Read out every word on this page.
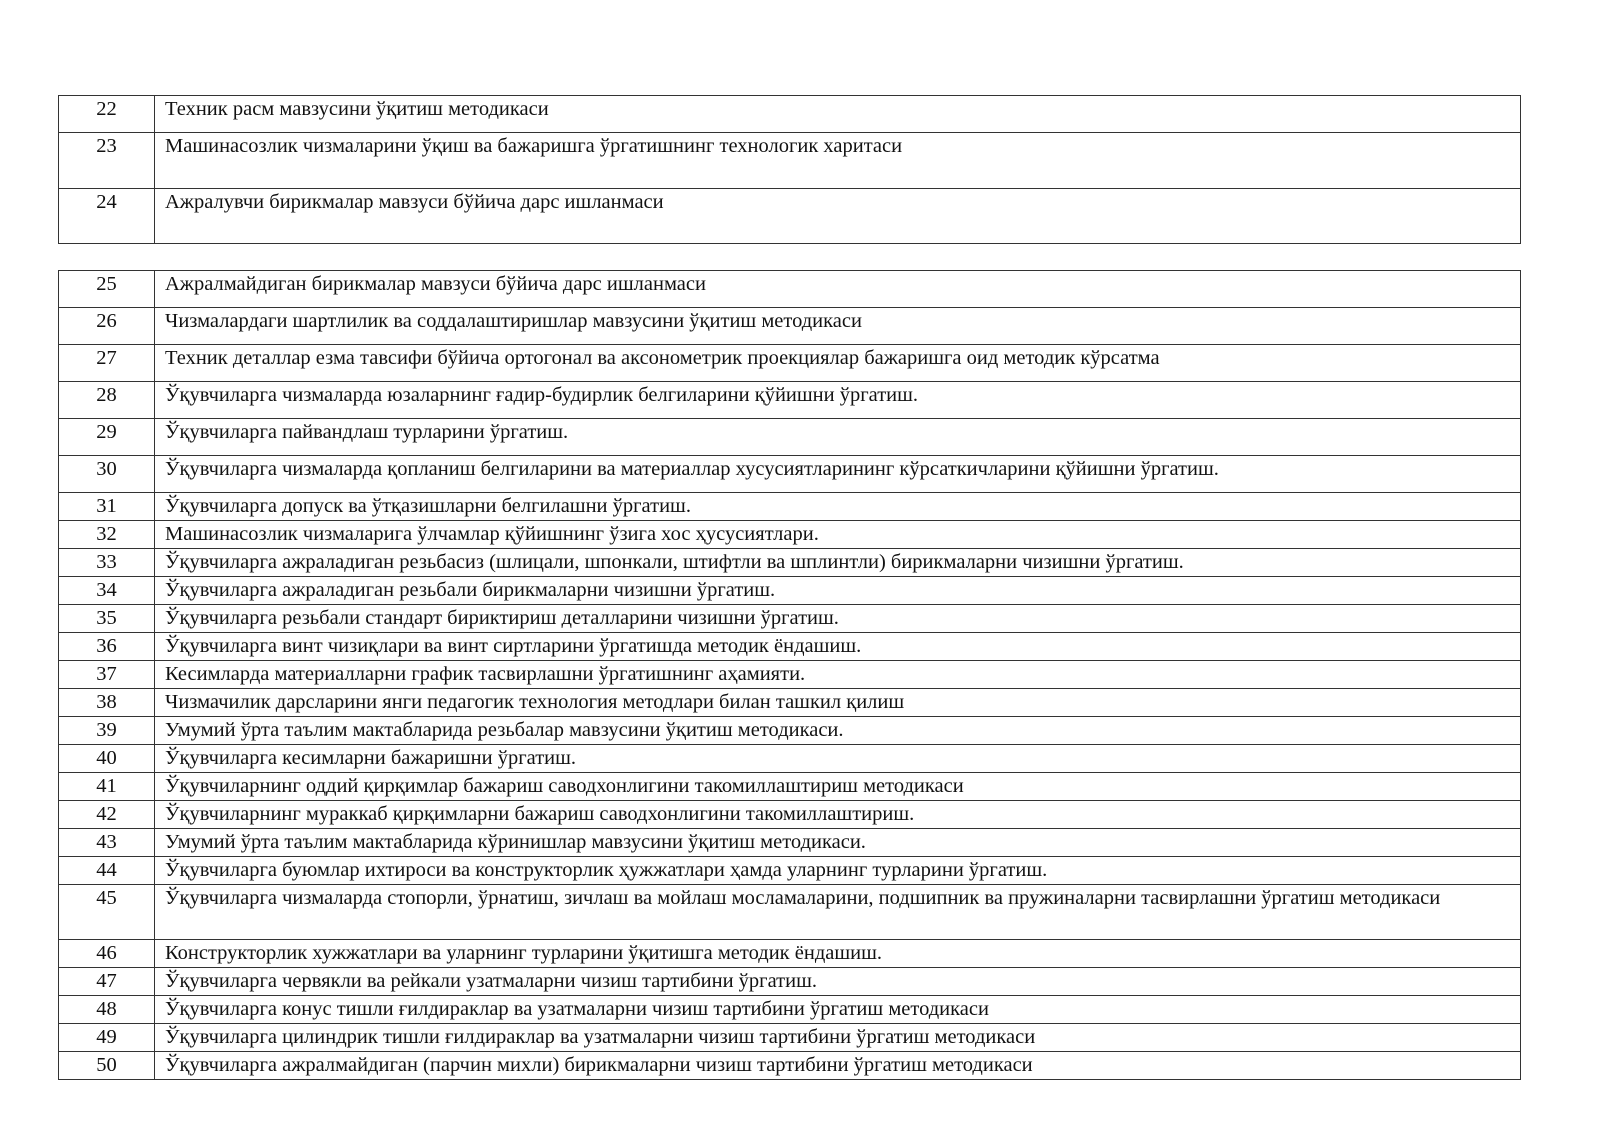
22	Техник расм мавзусини ўқитиш методикаси
23	Машинасозлик чизмаларини ўқиш ва бажаришга ўргатишнинг технологик харитаси
24	Ажралувчи бирикмалар мавзуси бўйича дарс ишланмаси
25	Ажралмайдиган бирикмалар мавзуси бўйича дарс ишланмаси
26	Чизмалардаги шартлилик ва соддалаштиришлар мавзусини ўқитиш методикаси
27	Техник деталлар езма тавсифи бўйича ортогонал ва аксонометрик проекциялар бажаришга оид методик кўрсатма
28	Ўқувчиларга чизмаларда юзаларнинг ғадир-будирлик белгиларини қўйишни ўргатиш.
29	Ўқувчиларга пайвандлаш турларини ўргатиш.
30	Ўқувчиларга чизмаларда қопланиш белгиларини ва материаллар хусусиятларининг кўрсаткичларини қўйишни ўргатиш.
31	Ўқувчиларга допуск ва ўтқазишларни белгилашни ўргатиш.
32	Машинасозлик чизмаларига ўлчамлар қўйишнинг ўзига хос ҳусусиятлари.
33	Ўқувчиларга ажраладиган резьбасиз (шлицали, шпонкали, штифтли ва шплинтли) бирикмаларни чизишни ўргатиш.
34	Ўқувчиларга ажраладиган резьбали бирикмаларни чизишни ўргатиш.
35	Ўқувчиларга резьбали стандарт бириктириш деталларини чизишни ўргатиш.
36	Ўқувчиларга винт чизиқлари ва винт сиртларини ўргатишда методик ёндашиш.
37	Кесимларда материалларни график тасвирлашни ўргатишнинг аҳамияти.
38	Чизмачилик дарсларини янги педагогик технология методлари билан ташкил қилиш
39	Умумий ўрта таълим мактабларида резьбалар мавзусини ўқитиш методикаси.
40	Ўқувчиларга кесимларни бажаришни ўргатиш.
41	Ўқувчиларнинг оддий қирқимлар бажариш саводхонлигини такомиллаштириш методикаси
42	Ўқувчиларнинг мураккаб қирқимларни бажариш саводхонлигини такомиллаштириш.
43	Умумий ўрта таълим мактабларида кўринишлар мавзусини ўқитиш методикаси.
44	Ўқувчиларга буюмлар ихтироси ва конструкторлик ҳужжатлари ҳамда уларнинг турларини ўргатиш.
45	Ўқувчиларга чизмаларда стопорли, ўрнатиш, зичлаш ва мойлаш мосламаларини, подшипник ва пружиналарни тасвирлашни ўргатиш методикаси
46	Конструкторлик хужжатлари ва уларнинг турларини ўқитишга методик ёндашиш.
47	Ўқувчиларга червякли ва рейкали узатмаларни чизиш тартибини ўргатиш.
48	Ўқувчиларга конус тишли ғилдираклар ва узатмаларни чизиш тартибини ўргатиш методикаси
49	Ўқувчиларга цилиндрик тишли ғилдираклар ва узатмаларни чизиш тартибини ўргатиш методикаси
50	Ўқувчиларга ажралмайдиган (парчин михли) бирикмаларни чизиш тартибини ўргатиш методикаси
